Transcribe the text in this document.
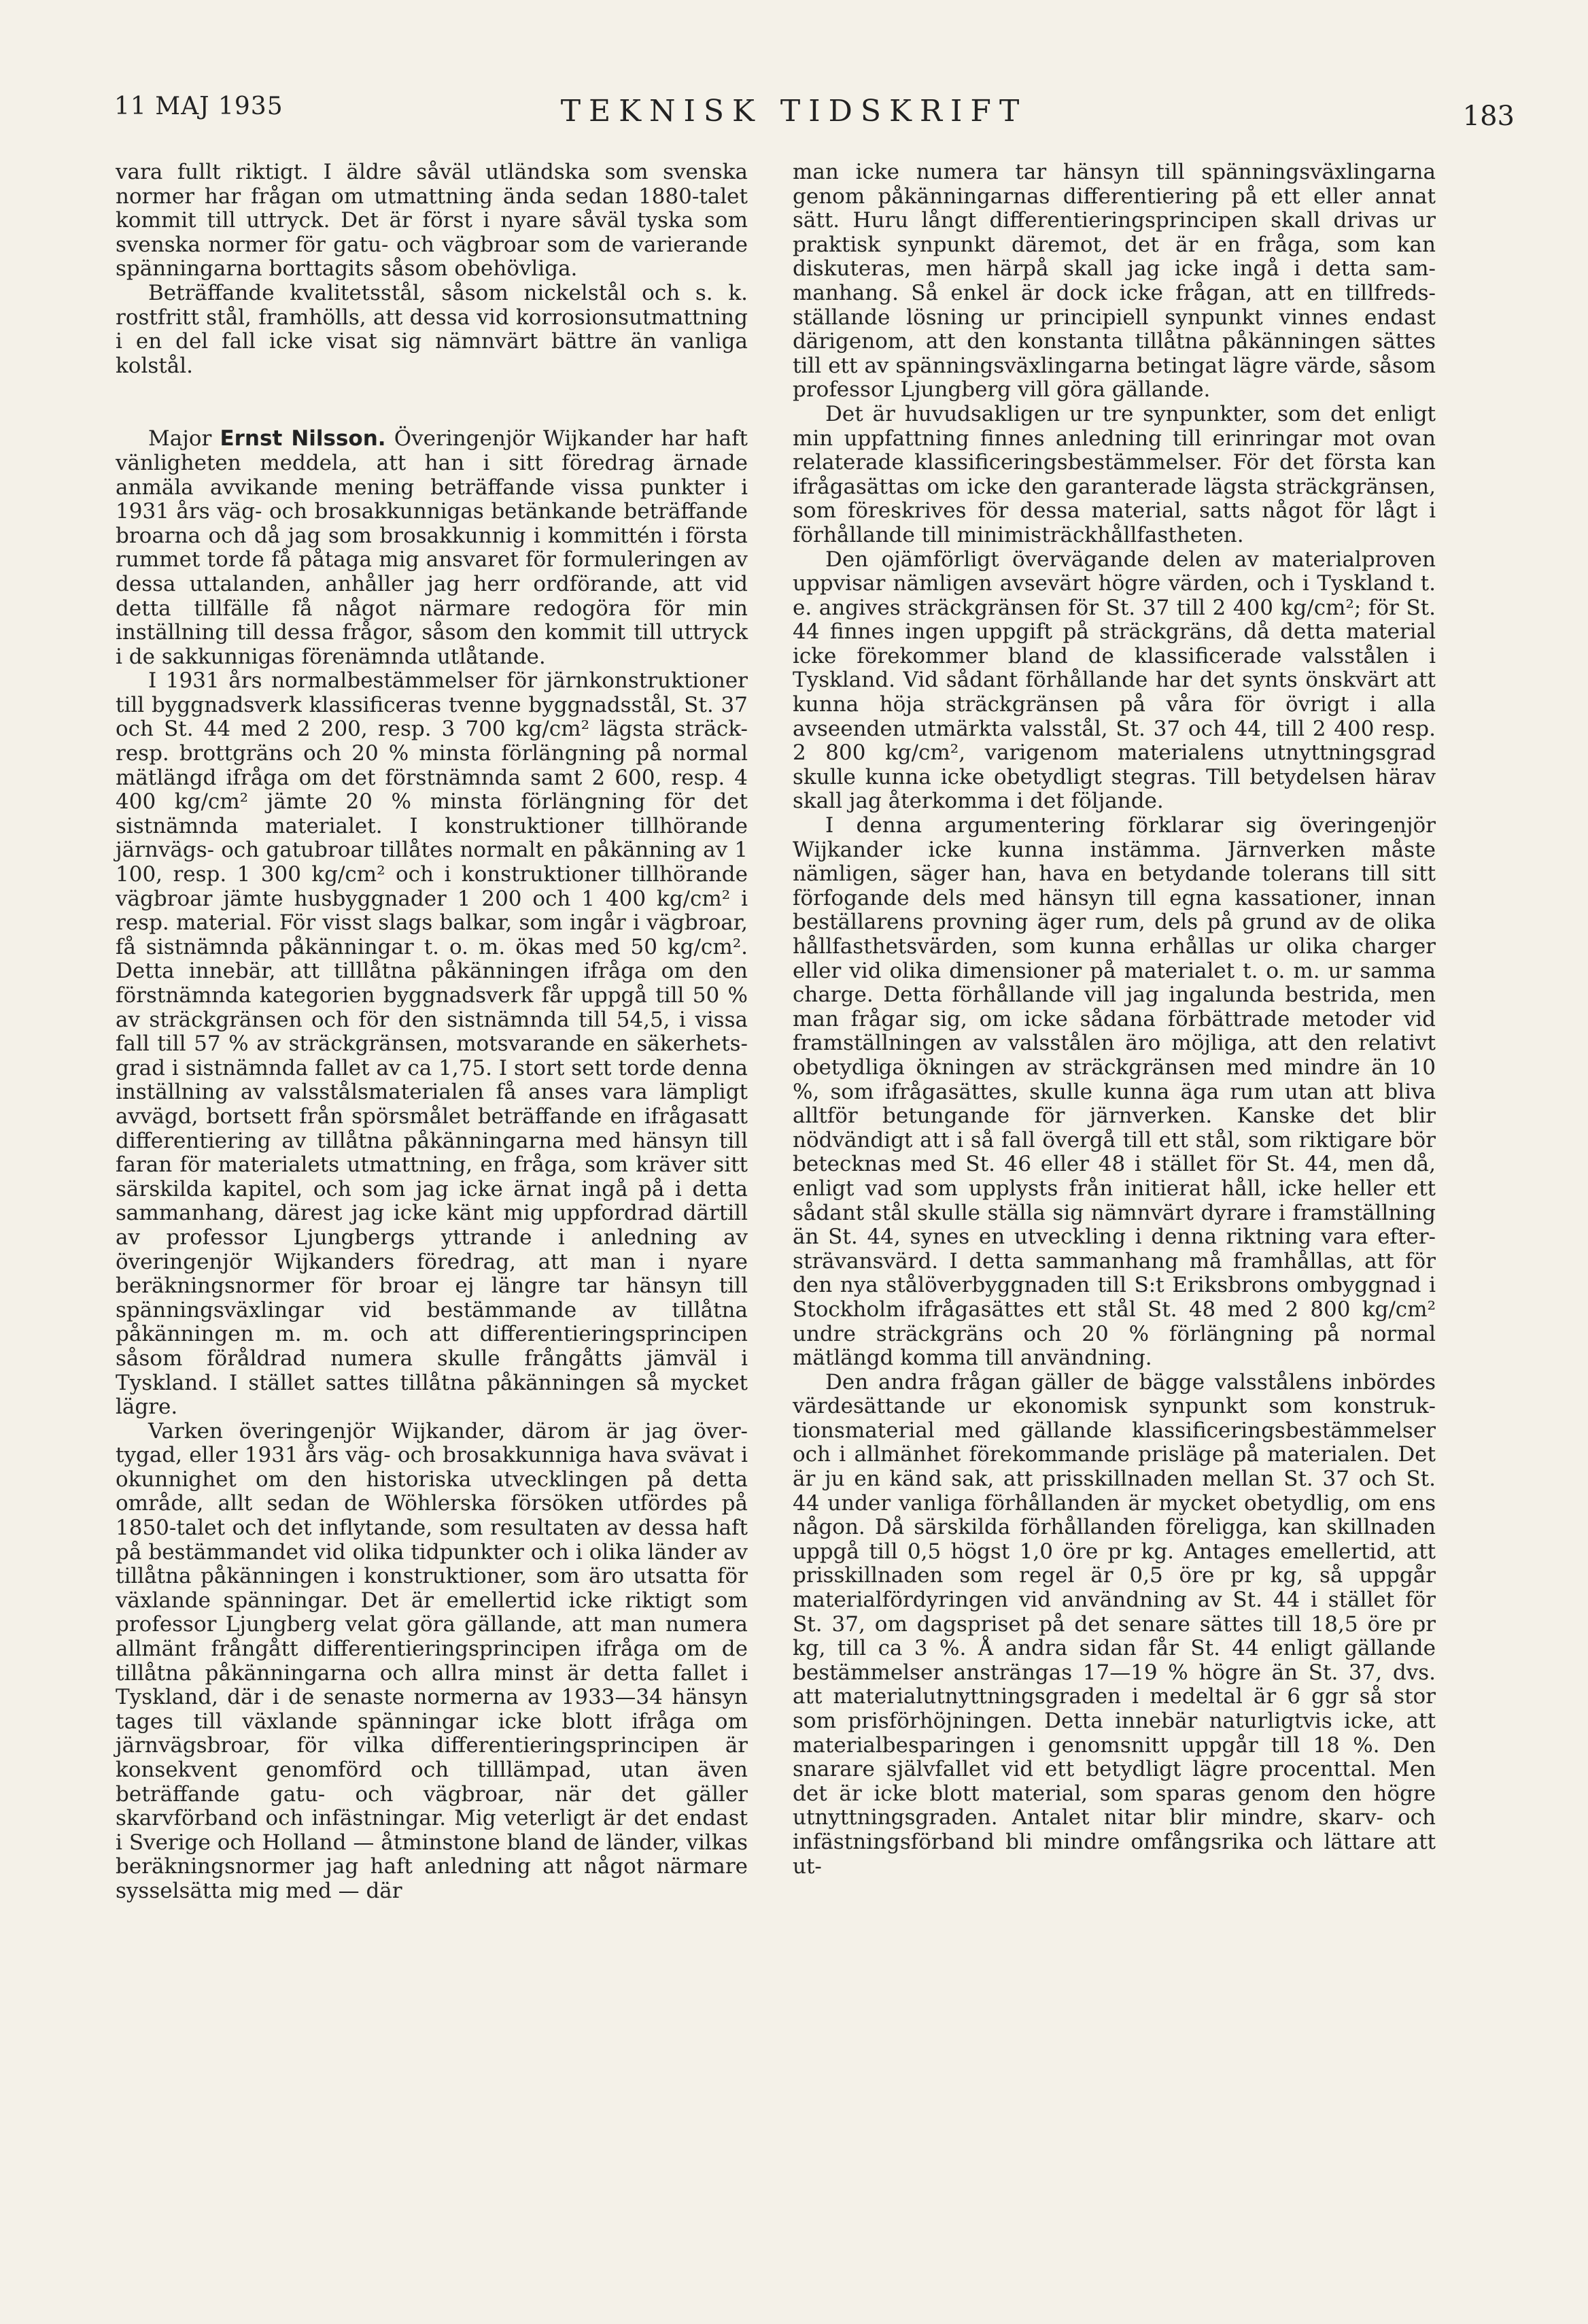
11 MAJ 1935	TEKNISK TIDSKRIFT	183

vara fullt riktigt. I äldre såväl utländska som svenska normer har frågan om utmattning ända sedan 1880-talet kommit till uttryck. Det är först i nyare såväl tyska som svenska normer för gatu- och vägbroar som de varierande spänningarna borttagits såsom obehövliga.

Beträffande kvalitetsstål, såsom nickelstål och s. k. rostfritt stål, framhölls, att dessa vid korrosionsutmattning i en del fall icke visat sig nämnvärt bättre än vanliga kolstål.

Major Ernst Nilsson. Överingenjör Wijkander har haft vänligheten meddela, att han i sitt föredrag ärnade anmäla avvikande mening beträffande vissa punkter i 1931 års väg- och brosakkunnigas betänkande beträffande broarna och då jag som brosakkunnig i kommittén i första rummet torde få påtaga mig ansvaret för formuleringen av dessa uttalanden, anhåller jag herr ordförande, att vid detta tillfälle få något närmare redogöra för min inställning till dessa frågor, såsom den kommit till uttryck i de sakkunnigas förenämnda utlåtande.

I 1931 års normalbestämmelser för järnkonstruktioner till byggnadsverk klassificeras tvenne byggnadsstål, St. 37 och St. 44 med 2 200, resp. 3 700 kg/cm² lägsta sträck- resp. brottgräns och 20 % minsta förlängning på normal mätlängd ifråga om det förstnämnda samt 2 600, resp. 4 400 kg/cm² jämte 20 % minsta förlängning för det sistnämnda materialet. I konstruktioner tillhörande järnvägs- och gatubroar tillåtes normalt en påkänning av 1 100, resp. 1 300 kg/cm² och i konstruktioner tillhörande vägbroar jämte husbyggnader 1 200 och 1 400 kg/cm² i resp. material. För visst slags balkar, som ingår i vägbroar, få sistnämnda påkänningar t. o. m. ökas med 50 kg/cm². Detta innebär, att tilllåtna påkänningen ifråga om den förstnämnda kategorien byggnadsverk får uppgå till 50 % av sträckgränsen och för den sistnämnda till 54,5, i vissa fall till 57 % av sträckgränsen, motsvarande en säkerhetsgrad i sistnämnda fallet av ca 1,75. I stort sett torde denna inställning av valsstålsmaterialen få anses vara lämpligt avvägd, bortsett från spörsmålet beträffande en ifrågasatt differentiering av tillåtna påkänningarna med hänsyn till faran för materialets utmattning, en fråga, som kräver sitt särskilda kapitel, och som jag icke ärnat ingå på i detta sammanhang, därest jag icke känt mig uppfordrad därtill av professor Ljungbergs yttrande i anledning av överingenjör Wijkanders föredrag, att man i nyare beräkningsnormer för broar ej längre tar hänsyn till spänningsväxlingar vid bestämmande av tillåtna påkänningen m. m. och att differentieringsprincipen såsom föråldrad numera skulle frångåtts jämväl i Tyskland. I stället sattes tillåtna påkänningen så mycket lägre.

Varken överingenjör Wijkander, därom är jag övertygad, eller 1931 års väg- och brosakkunniga hava svävat i okunnighet om den historiska utvecklingen på detta område, allt sedan de Wöhlerska försöken utfördes på 1850-talet och det inflytande, som resultaten av dessa haft på bestämmandet vid olika tidpunkter och i olika länder av tillåtna påkänningen i konstruktioner, som äro utsatta för växlande spänningar. Det är emellertid icke riktigt som professor Ljungberg velat göra gällande, att man numera allmänt frångått differentieringsprincipen ifråga om de tillåtna påkänningarna och allra minst är detta fallet i Tyskland, där i de senaste normerna av 1933—34 hänsyn tages till växlande spänningar icke blott ifråga om järnvägsbroar, för vilka differentieringsprincipen är konsekvent genomförd och tilllämpad, utan även beträffande gatu- och vägbroar, när det gäller skarvförband och infästningar. Mig veterligt är det endast i Sverige och Holland — åtminstone bland de länder, vilkas beräkningsnormer jag haft anledning att något närmare sysselsätta mig med — där

man icke numera tar hänsyn till spänningsväxlingarna genom påkänningarnas differentiering på ett eller annat sätt. Huru långt differentieringsprincipen skall drivas ur praktisk synpunkt däremot, det är en fråga, som kan diskuteras, men härpå skall jag icke ingå i detta sammanhang. Så enkel är dock icke frågan, att en tillfredsställande lösning ur principiell synpunkt vinnes endast därigenom, att den konstanta tillåtna påkänningen sättes till ett av spänningsväxlingarna betingat lägre värde, såsom professor Ljungberg vill göra gällande.

Det är huvudsakligen ur tre synpunkter, som det enligt min uppfattning finnes anledning till erinringar mot ovan relaterade klassificeringsbestämmelser. För det första kan ifrågasättas om icke den garanterade lägsta sträckgränsen, som föreskrives för dessa material, satts något för lågt i förhållande till minimisträckhållfastheten.

Den ojämförligt övervägande delen av materialproven uppvisar nämligen avsevärt högre värden, och i Tyskland t. e. angives sträckgränsen för St. 37 till 2 400 kg/cm²; för St. 44 finnes ingen uppgift på sträckgräns, då detta material icke förekommer bland de klassificerade valsstålen i Tyskland. Vid sådant förhållande har det synts önskvärt att kunna höja sträckgränsen på våra för övrigt i alla avseenden utmärkta valsstål, St. 37 och 44, till 2 400 resp. 2 800 kg/cm², varigenom materialens utnyttningsgrad skulle kunna icke obetydligt stegras. Till betydelsen härav skall jag återkomma i det följande.

I denna argumentering förklarar sig överingenjör Wijkander icke kunna instämma. Järnverken måste nämligen, säger han, hava en betydande tolerans till sitt förfogande dels med hänsyn till egna kassationer, innan beställarens provning äger rum, dels på grund av de olika hållfasthetsvärden, som kunna erhållas ur olika charger eller vid olika dimensioner på materialet t. o. m. ur samma charge. Detta förhållande vill jag ingalunda bestrida, men man frågar sig, om icke sådana förbättrade metoder vid framställningen av valsstålen äro möjliga, att den relativt obetydliga ökningen av sträckgränsen med mindre än 10 %, som ifrågasättes, skulle kunna äga rum utan att bliva alltför betungande för järnverken. Kanske det blir nödvändigt att i så fall övergå till ett stål, som riktigare bör betecknas med St. 46 eller 48 i stället för St. 44, men då, enligt vad som upplysts från initierat håll, icke heller ett sådant stål skulle ställa sig nämnvärt dyrare i framställning än St. 44, synes en utveckling i denna riktning vara eftersträvansvärd. I detta sammanhang må framhållas, att för den nya stålöverbyggnaden till S:t Eriksbrons ombyggnad i Stockholm ifrågasättes ett stål St. 48 med 2 800 kg/cm² undre sträckgräns och 20 % förlängning på normal mätlängd komma till användning.

Den andra frågan gäller de bägge valsstålens inbördes värdesättande ur ekonomisk synpunkt som konstruktionsmaterial med gällande klassificeringsbestämmelser och i allmänhet förekommande prisläge på materialen. Det är ju en känd sak, att prisskillnaden mellan St. 37 och St. 44 under vanliga förhållanden är mycket obetydlig, om ens någon. Då särskilda förhållanden föreligga, kan skillnaden uppgå till 0,5 högst 1,0 öre pr kg. Antages emellertid, att prisskillnaden som regel är 0,5 öre pr kg, så uppgår materialfördyringen vid användning av St. 44 i stället för St. 37, om dagspriset på det senare sättes till 18,5 öre pr kg, till ca 3 %. Å andra sidan får St. 44 enligt gällande bestämmelser ansträngas 17—19 % högre än St. 37, dvs. att materialutnyttningsgraden i medeltal är 6 ggr så stor som prisförhöjningen. Detta innebär naturligtvis icke, att materialbesparingen i genomsnitt uppgår till 18 %. Den snarare självfallet vid ett betydligt lägre procenttal. Men det är icke blott material, som sparas genom den högre utnyttningsgraden. Antalet nitar blir mindre, skarv- och infästningsförband bli mindre omfångsrika och lättare att ut-
